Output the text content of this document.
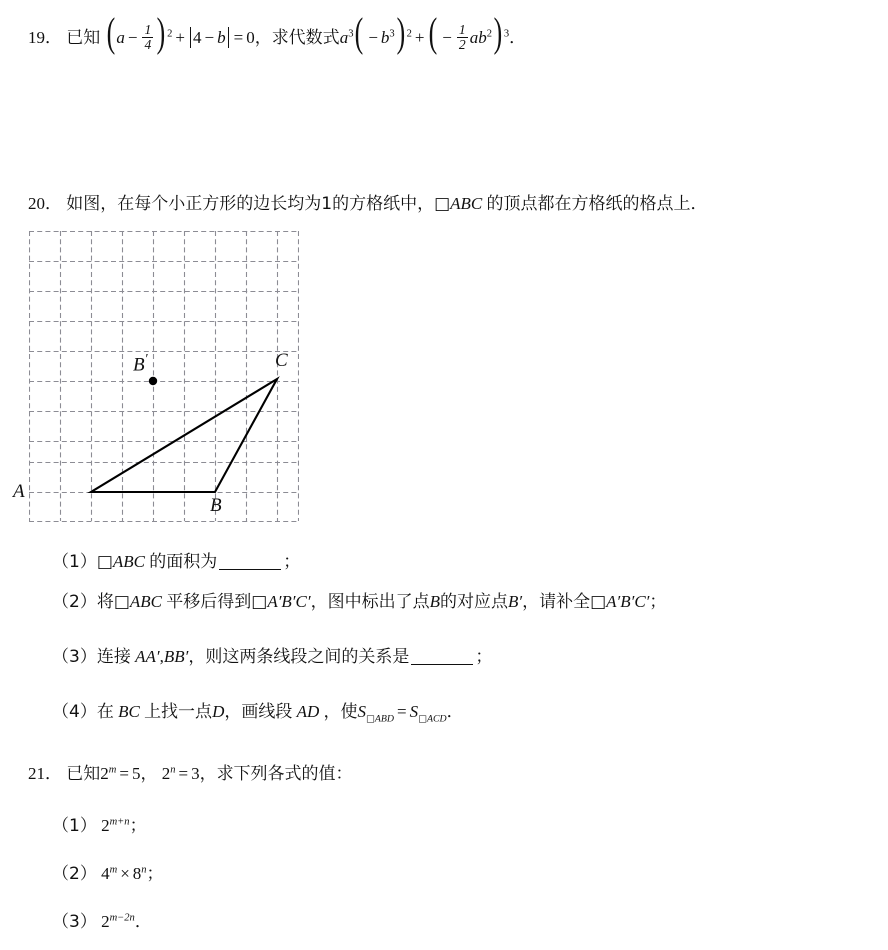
19． 已知 ($a - \frac{1}{4}$ ) $^2$ + 4 − b = 0，求代数式$a^3( - b^3) ^2$ + ( − $\frac{1}{2} ab^2$) $^3$．
20． 如图，在每个小正方形的边长均为1的方格纸中，□ABC 的顶点都在方格纸的格点上．
A
B
C
B′
（1）□ABC 的面积为	；
（2）将□ABC 平移后得到□A′B′C′，图中标出了点B的对应点B′，请补全□A′B′C′；
（3）连接 AA′,BB′，则这两条线段之间的关系是	；
（4）在 BC 上找一点D，画线段 AD ，使$S_{□ABD} = S_{□ACD}$．
21． 已知$2^m = 5$， $2^n = 3$，求下列各式的值：
（1） $2^{m+n}$；
（2） $4^m \times 8^n$；
（3） $2^{m-2n}$．
